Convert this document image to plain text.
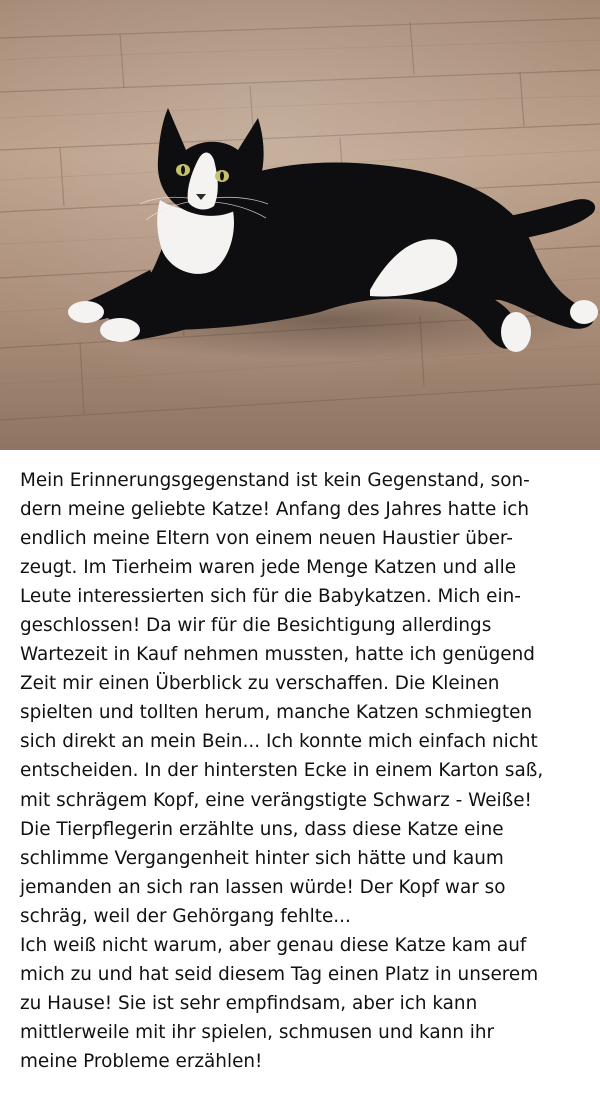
Mein Erinnerungsgegenstand ist kein Gegenstand, son-
dern meine geliebte Katze! Anfang des Jahres hatte ich
endlich meine Eltern von einem neuen Haustier über-
zeugt. Im Tierheim waren jede Menge Katzen und alle
Leute interessierten sich für die Babykatzen. Mich ein-
geschlossen! Da wir für die Besichtigung allerdings
Wartezeit in Kauf nehmen mussten, hatte ich genügend
Zeit mir einen Überblick zu verschaffen. Die Kleinen
spielten und tollten herum, manche Katzen schmiegten
sich direkt an mein Bein... Ich konnte mich einfach nicht
entscheiden. In der hintersten Ecke in einem Karton saß,
mit schrägem Kopf, eine verängstigte Schwarz - Weiße!
Die Tierpflegerin erzählte uns, dass diese Katze eine
schlimme Vergangenheit hinter sich hätte und kaum
jemanden an sich ran lassen würde! Der Kopf war so
schräg, weil der Gehörgang fehlte...
Ich weiß nicht warum, aber genau diese Katze kam auf
mich zu und hat seid diesem Tag einen Platz in unserem
zu Hause! Sie ist sehr empfindsam, aber ich kann
mittlerweile mit ihr spielen, schmusen und kann ihr
meine Probleme erzählen!
